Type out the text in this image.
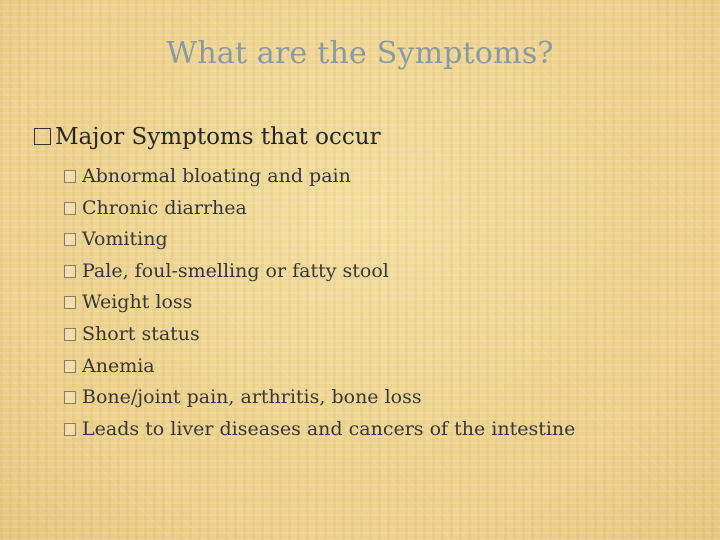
What are the Symptoms?
Major Symptoms that occur
Abnormal bloating and pain
Chronic diarrhea
Vomiting
Pale, foul-smelling or fatty stool
Weight loss
Short status
Anemia
Bone/joint pain, arthritis, bone loss
Leads to liver diseases and cancers of the intestine
